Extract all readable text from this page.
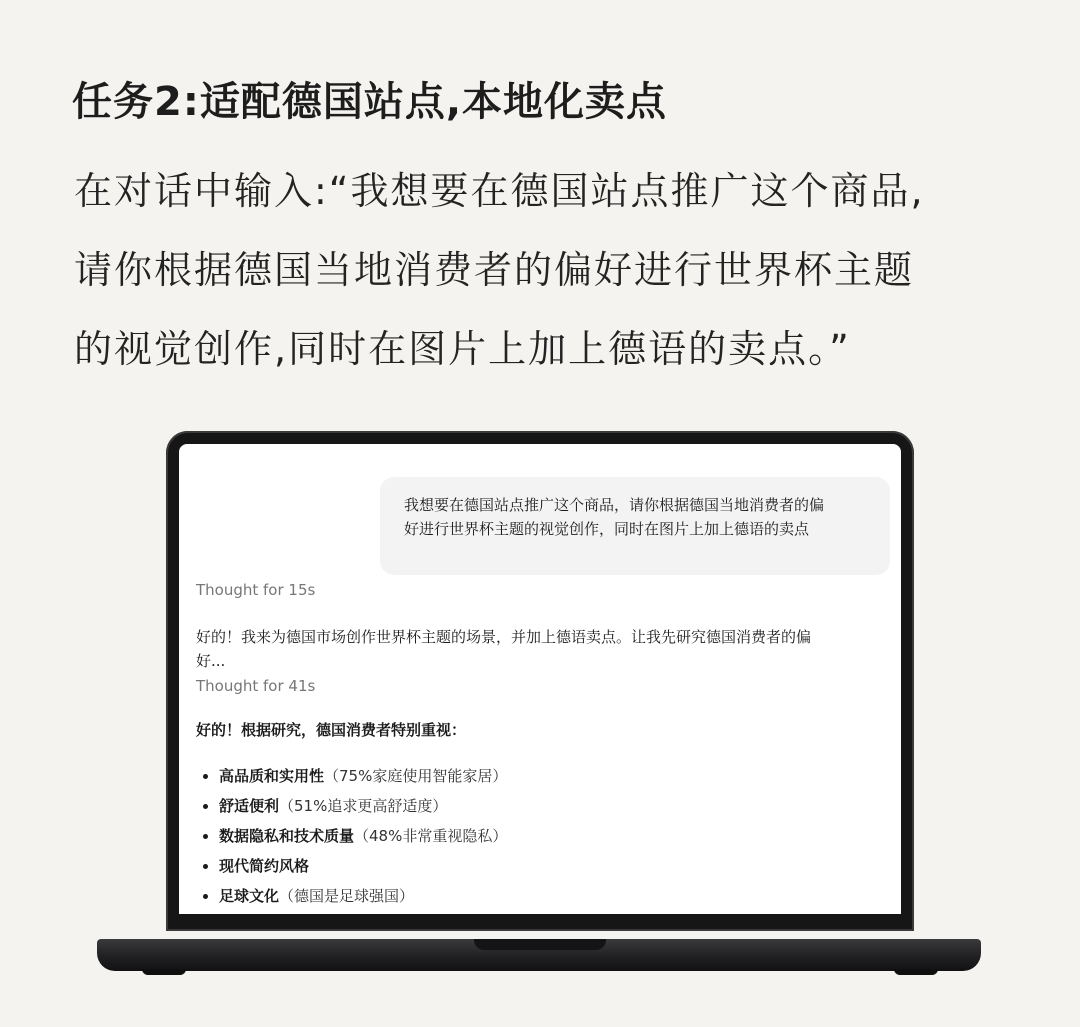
任务2:适配德国站点,本地化卖点
在对话中输入:“我想要在德国站点推广这个商品,
请你根据德国当地消费者的偏好进行世界杯主题
的视觉创作,同时在图片上加上德语的卖点。”
我想要在德国站点推广这个商品，请你根据德国当地消费者的偏
好进行世界杯主题的视觉创作，同时在图片上加上德语的卖点
Thought for 15s
好的！我来为德国市场创作世界杯主题的场景，并加上德语卖点。让我先研究德国消费者的偏
好...
Thought for 41s
好的！根据研究，德国消费者特别重视：
高品质和实用性（75%家庭使用智能家居）
舒适便利（51%追求更高舒适度）
数据隐私和技术质量（48%非常重视隐私）
现代简约风格
足球文化（德国是足球强国）
